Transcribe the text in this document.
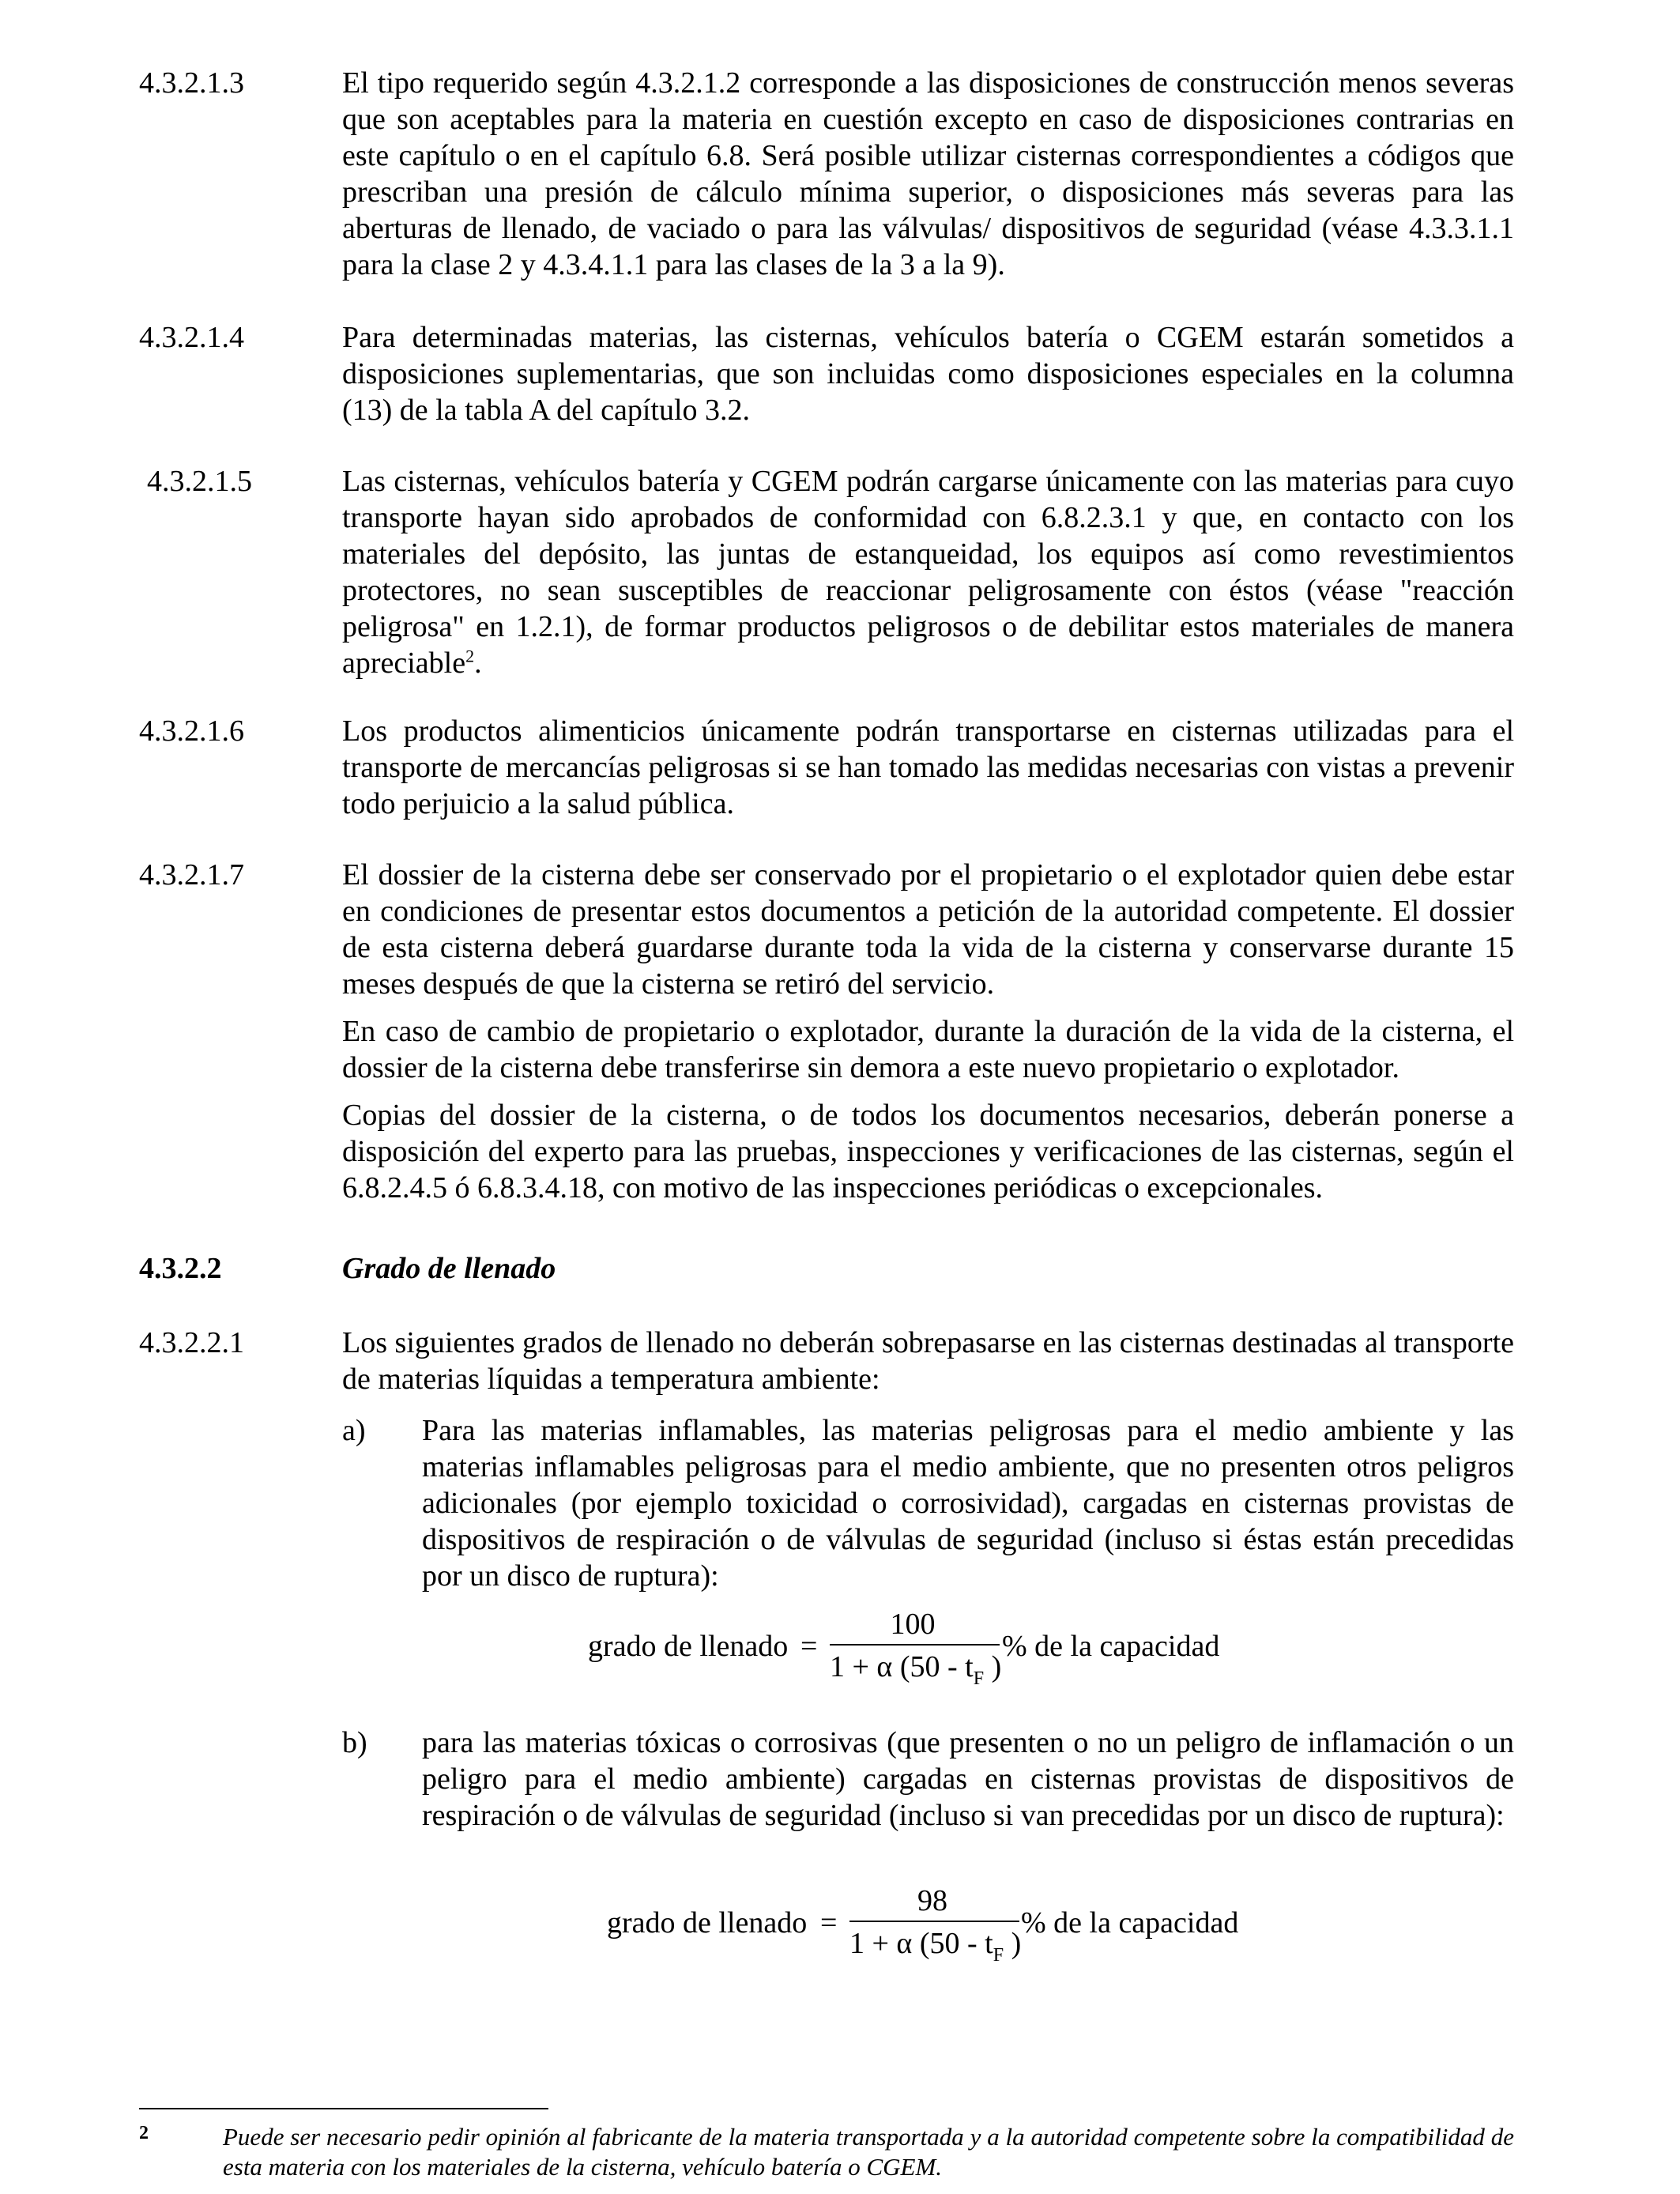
4.3.2.1.3	El tipo requerido según 4.3.2.1.2 corresponde a las disposiciones de construcción menos severas que son aceptables para la materia en cuestión excepto en caso de disposiciones contrarias en este capítulo o en el capítulo 6.8. Será posible utilizar cisternas correspondientes a códigos que prescriban una presión de cálculo mínima superior, o disposiciones más severas para las aberturas de llenado, de vaciado o para las válvulas/ dispositivos de seguridad (véase 4.3.3.1.1 para la clase 2 y 4.3.4.1.1 para las clases de la 3 a la 9).

4.3.2.1.4	Para determinadas materias, las cisternas, vehículos batería o CGEM estarán sometidos a disposiciones suplementarias, que son incluidas como disposiciones especiales en la columna (13) de la tabla A del capítulo 3.2.

4.3.2.1.5	Las cisternas, vehículos batería y CGEM podrán cargarse únicamente con las materias para cuyo transporte hayan sido aprobados de conformidad con 6.8.2.3.1 y que, en contacto con los materiales del depósito, las juntas de estanqueidad, los equipos así como revestimientos protectores, no sean susceptibles de reaccionar peligrosamente con éstos (véase "reacción peligrosa" en 1.2.1), de formar productos peligrosos o de debilitar estos materiales de manera apreciable$^2$.

4.3.2.1.6	Los productos alimenticios únicamente podrán transportarse en cisternas utilizadas para el transporte de mercancías peligrosas si se han tomado las medidas necesarias con vistas a prevenir todo perjuicio a la salud pública.

4.3.2.1.7	El dossier de la cisterna debe ser conservado por el propietario o el explotador quien debe estar en condiciones de presentar estos documentos a petición de la autoridad competente. El dossier de esta cisterna deberá guardarse durante toda la vida de la cisterna y conservarse durante 15 meses después de que la cisterna se retiró del servicio.

En caso de cambio de propietario o explotador, durante la duración de la vida de la cisterna, el dossier de la cisterna debe transferirse sin demora a este nuevo propietario o explotador.

Copias del dossier de la cisterna, o de todos los documentos necesarios, deberán ponerse a disposición del experto para las pruebas, inspecciones y verificaciones de las cisternas, según el 6.8.2.4.5 ó 6.8.3.4.18, con motivo de las inspecciones periódicas o excepcionales.

4.3.2.2	Grado de llenado
4.3.2.2.1	Los siguientes grados de llenado no deberán sobrepasarse en las cisternas destinadas al transporte de materias líquidas a temperatura ambiente:
a) Para las materias inflamables, las materias peligrosas para el medio ambiente y las materias inflamables peligrosas para el medio ambiente, que no presenten otros peligros adicionales (por ejemplo toxicidad o corrosividad), cargadas en cisternas provistas de dispositivos de respiración o de válvulas de seguridad (incluso si éstas están precedidas por un disco de ruptura):
grado de llenado =
100
1 + α ($50 - t_F$ )
% de la capacidad
b) para las materias tóxicas o corrosivas (que presenten o no un peligro de inflamación o un peligro para el medio ambiente) cargadas en cisternas provistas de dispositivos de respiración o de válvulas de seguridad (incluso si van precedidas por un disco de ruptura):
grado de llenado =
98
1 + α ($50 - t_F$ )
% de la capacidad
2	Puede ser necesario pedir opinión al fabricante de la materia transportada y a la autoridad competente sobre la compatibilidad de esta materia con los materiales de la cisterna, vehículo batería o CGEM.
